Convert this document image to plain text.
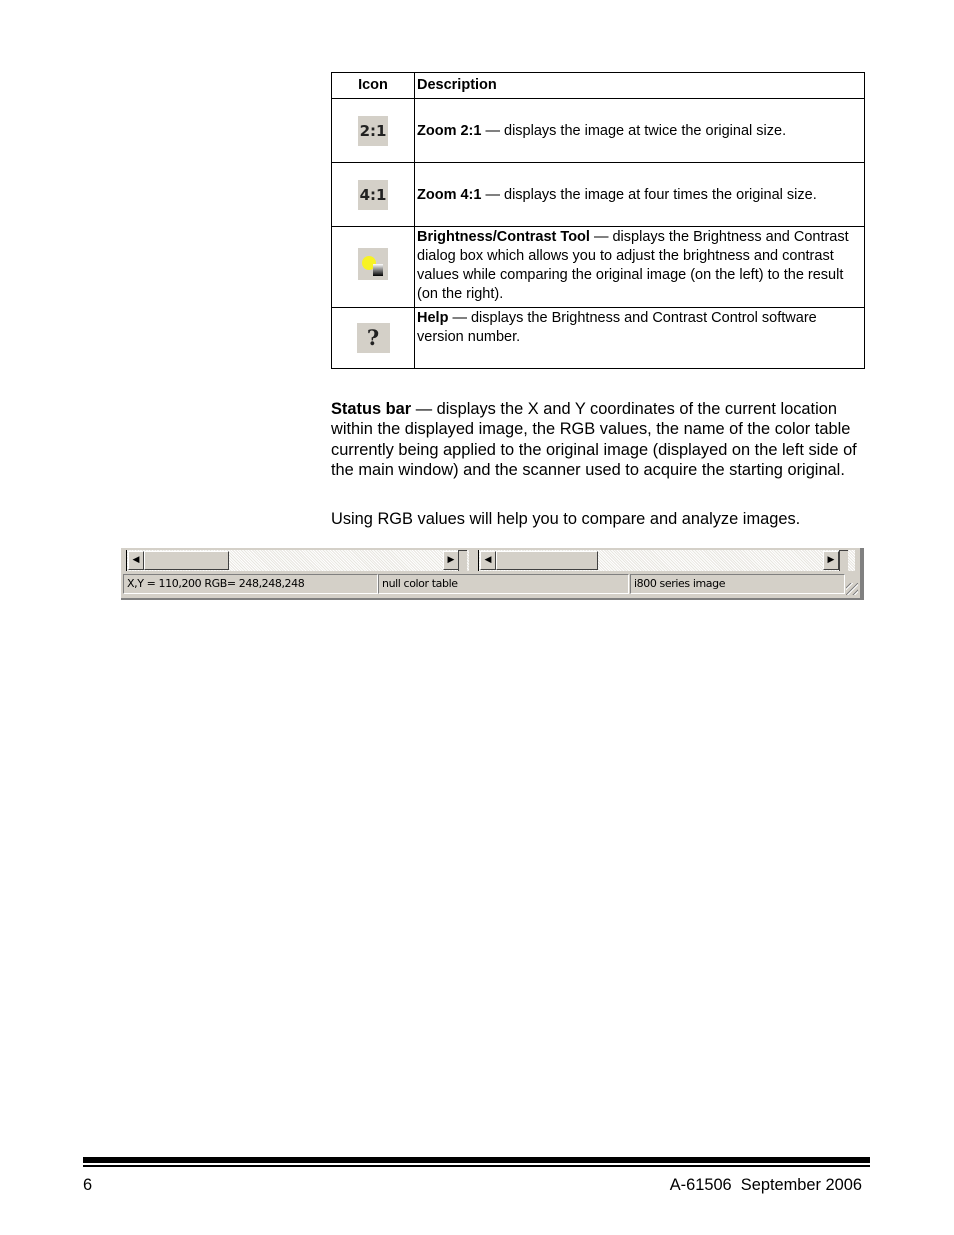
Icon	Description
2:1	Zoom 2:1 — displays the image at twice the original size.
4:1	Zoom 4:1 — displays the image at four times the original size.

	Brightness/Contrast Tool — displays the Brightness and Contrast dialog box which allows you to adjust the brightness and contrast values while comparing the original image (on the left) to the result (on the right).
?	Help — displays the Brightness and Contrast Control software version number.

Status bar — displays the X and Y coordinates of the current location within the displayed image, the RGB values, the name of the color table currently being applied to the original image (displayed on the left side of the main window) and the scanner used to acquire the starting original.

Using RGB values will help you to compare and analyze images.

◀	▶	◀	▶
X,Y = 110,200 RGB= 248,248,248	null color table	i800 series image
6	A-61506 September 2006
